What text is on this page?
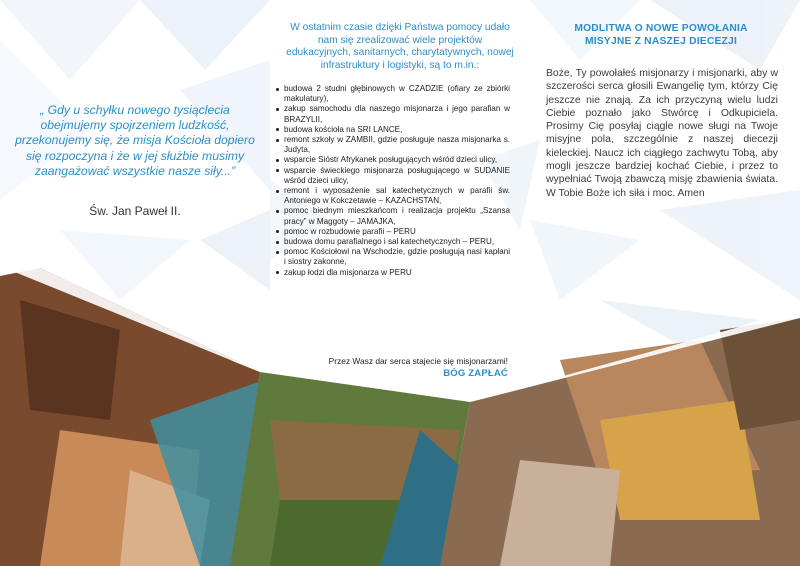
„ Gdy u schyłku nowego tysiąclecia obejmujemy spojrzeniem ludzkość, przekonujemy się, że misja Kościoła dopiero się rozpoczyna i że w jej służbie musimy zaangażować wszystkie nasze siły...”
Św. Jan Paweł II.
W ostatnim czasie dzięki Państwa pomocy udało nam się zrealizować wiele projektów edukacyjnych, sanitarnych, charytatywnych, nowej infrastruktury i logistyki, są to m.in.:
budowa 2 studni głębinowych w CZADZIE (ofiary ze zbiórki makulatury),
zakup samochodu dla naszego misjonarza i jego parafian w BRAZYLII,
budowa kościoła na SRI LANCE,
remont szkoły w ZAMBII, gdzie posługuje nasza misjonarka s. Judyta,
wsparcie Sióstr Afrykanek posługujących wśród dzieci ulicy,
wsparcie świeckiego misjonarza posługującego w SUDANIE wśród dzieci ulicy,
remont i wyposażenie sal katechetycznych w parafii św. Antoniego w Kokczetawie – KAZACHSTAN,
pomoc biednym mieszkańcom i realizacja projektu „Szansa pracy” w Maggoty – JAMAJKA,
pomoc w rozbudowie parafii – PERU
budowa domu parafialnego i sal katechetycznych – PERU,
pomoc Kościołowi na Wschodzie, gdzie posługują nasi kapłani i siostry zakonne,
zakup łodzi dla misjonarza w PERU
Przez Wasz dar serca stajecie się misjonarzami!
BÓG ZAPŁAĆ
MODLITWA O NOWE POWOŁANIA MISYJNE Z NASZEJ DIECEZJI
Boże, Ty powołałeś misjonarzy i misjonarki, aby w szczerości serca głosili Ewangelię tym, którzy Cię jeszcze nie znają. Za ich przyczyną wielu ludzi Ciebie poznało jako Stwórcę i Odkupiciela. Prosimy Cię posyłaj ciągle nowe sługi na Twoje misyjne pola, szczególnie z naszej diecezji kieleckiej. Naucz ich ciągłego zachwytu Tobą, aby mogli jeszcze bardziej kochać Ciebie, i przez to wypełniać Twoją zbawczą misję zbawienia świata. W Tobie Boże ich siła i moc. Amen
